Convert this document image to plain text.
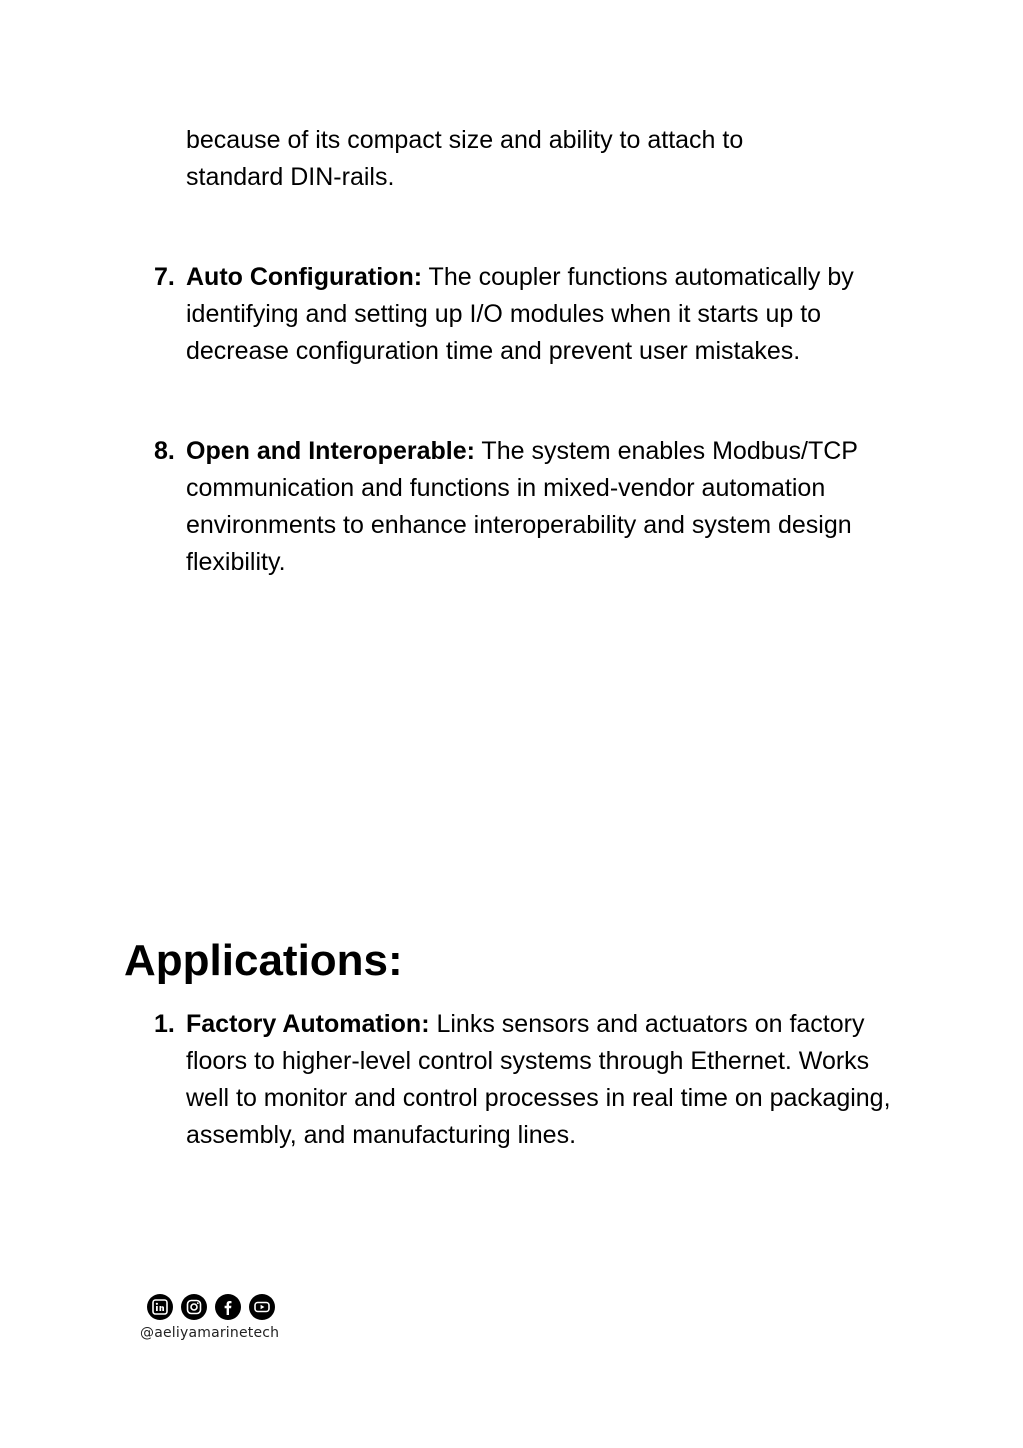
because of its compact size and ability to attach to
standard DIN-rails.

7. Auto Configuration: The coupler functions automatically by identifying and setting up I/O modules when it starts up to decrease configuration time and prevent user mistakes.

8. Open and Interoperable: The system enables Modbus/TCP communication and functions in mixed-vendor automation environments to enhance interoperability and system design flexibility.

Applications:

1. Factory Automation: Links sensors and actuators on factory floors to higher-level control systems through Ethernet. Works well to monitor and control processes in real time on packaging, assembly, and manufacturing lines.

@aeliyamarinetech
